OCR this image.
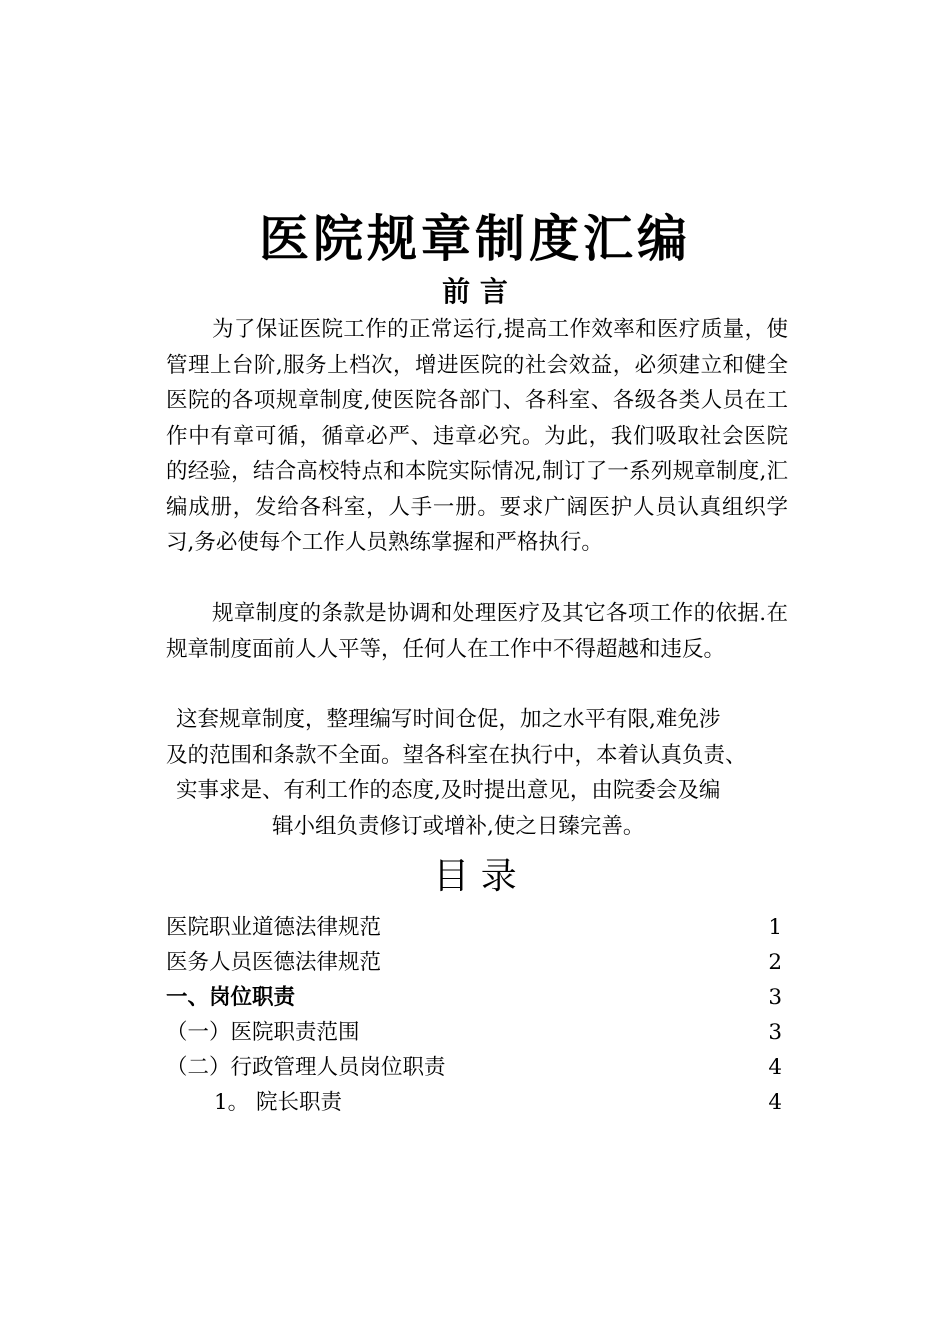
医院规章制度汇编
前 言
为了保证医院工作的正常运行,提高工作效率和医疗质量，使管理上台阶,服务上档次，增进医院的社会效益，必须建立和健全医院的各项规章制度,使医院各部门、各科室、各级各类人员在工作中有章可循，循章必严、违章必究。为此，我们吸取社会医院的经验，结合高校特点和本院实际情况,制订了一系列规章制度,汇编成册，发给各科室，人手一册。要求广阔医护人员认真组织学习,务必使每个工作人员熟练掌握和严格执行。
规章制度的条款是协调和处理医疗及其它各项工作的依据.在规章制度面前人人平等，任何人在工作中不得超越和违反。
这套规章制度，整理编写时间仓促，加之水平有限,难免涉
及的范围和条款不全面。望各科室在执行中，本着认真负责、
实事求是、有利工作的态度,及时提出意见，由院委会及编
辑小组负责修订或增补,使之日臻完善。
目 录
医院职业道德法律规范	1
医务人员医德法律规范	2
一、岗位职责	3
（一）医院职责范围	3
（二）行政管理人员岗位职责	4
1。 院长职责	4
